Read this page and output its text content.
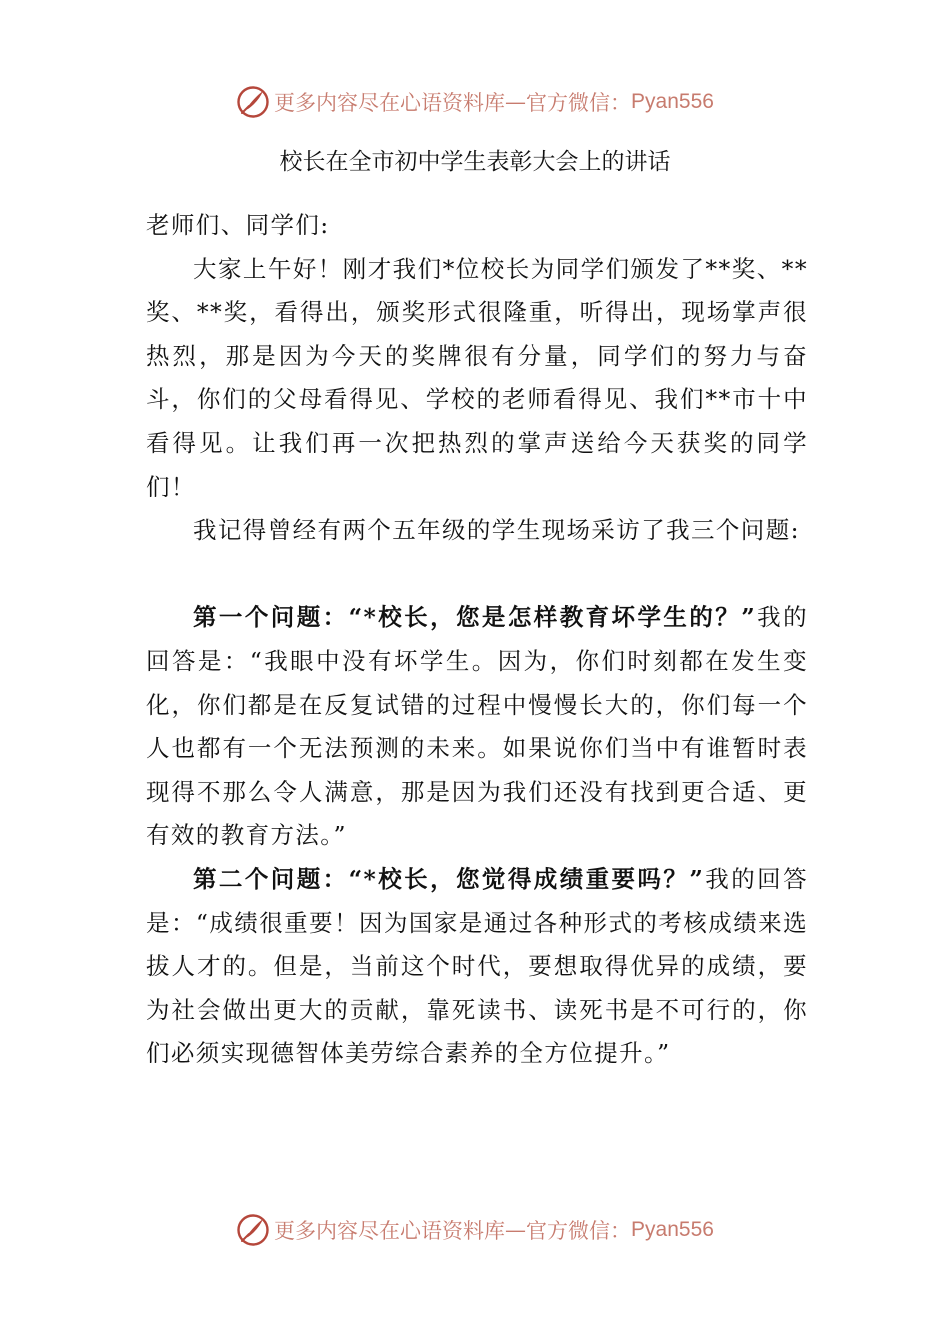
更多内容尽在心语资料库 — 官方微信： Pyan556
校长在全市初中学生表彰大会上的讲话

老师们、同学们:

大家上午好！刚才我们*位校长为同学们颁发了**奖、**奖、**奖，看得出，颁奖形式很隆重，听得出，现场掌声很热烈，那是因为今天的奖牌很有分量，同学们的努力与奋斗，你们的父母看得见、学校的老师看得见、我们**市十中看得见。让我们再一次把热烈的掌声送给今天获奖的同学们！

我记得曾经有两个五年级的学生现场采访了我三个问题:

第一个问题：“*校长，您是怎样教育坏学生的？”我的回答是：“我眼中没有坏学生。因为，你们时刻都在发生变化，你们都是在反复试错的过程中慢慢长大的，你们每一个人也都有一个无法预测的未来。如果说你们当中有谁暂时表现得不那么令人满意，那是因为我们还没有找到更合适、更有效的教育方法。”

第二个问题：“*校长，您觉得成绩重要吗？”我的回答是：“成绩很重要！因为国家是通过各种形式的考核成绩来选拔人才的。但是，当前这个时代，要想取得优异的成绩，要为社会做出更大的贡献，靠死读书、读死书是不可行的，你们必须实现德智体美劳综合素养的全方位提升。”

更多内容尽在心语资料库 — 官方微信： Pyan556
